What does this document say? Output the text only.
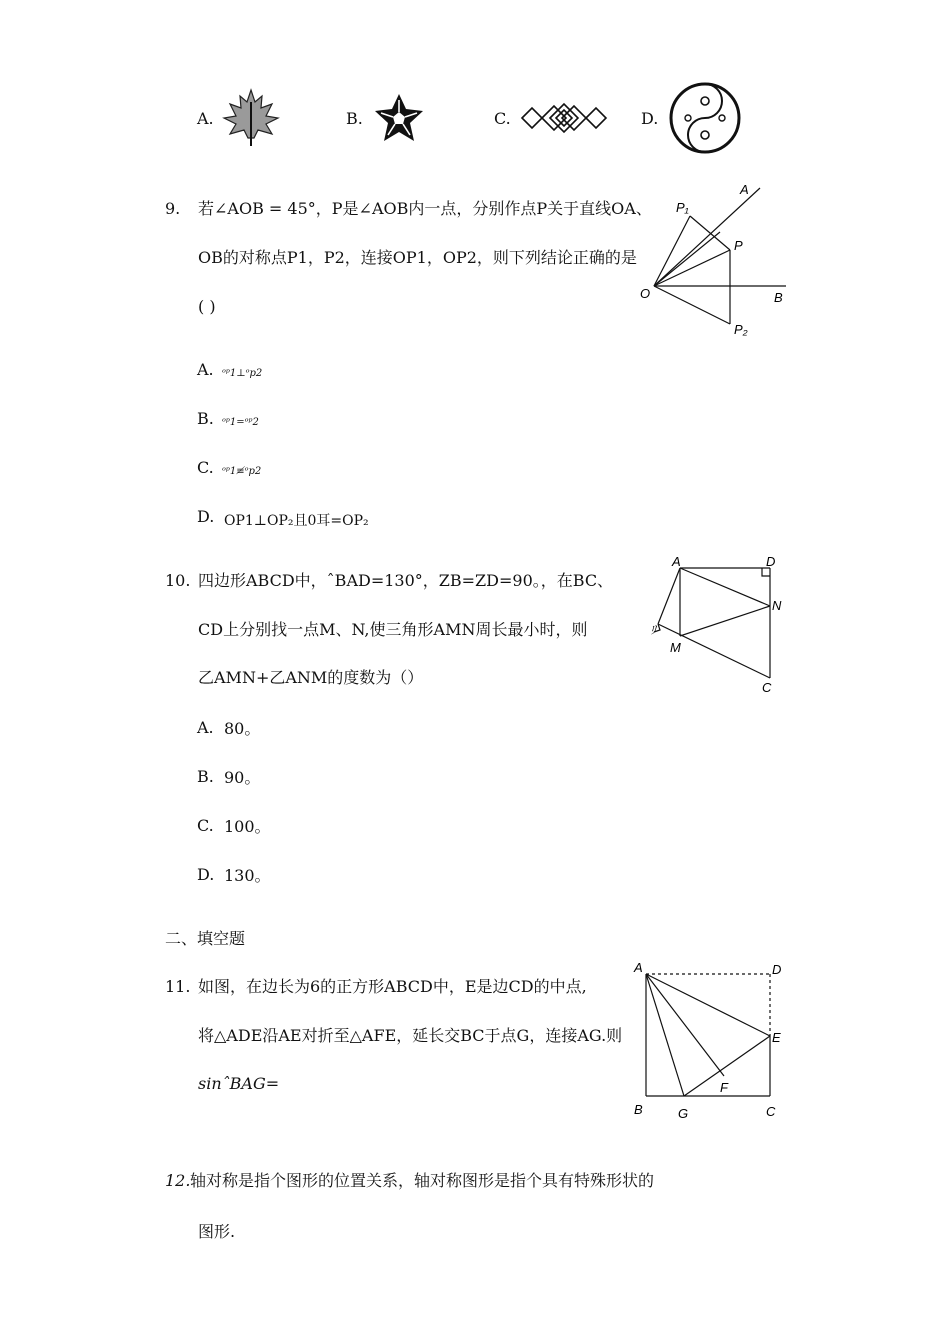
A.	B.	C.	D.
9. 若∠AOB = 45°，P是∠AOB内一点，分别作点P关于直线OA、
OB的对称点P1，P2，连接OP1，OP2，则下列结论正确的是
( )
A. ᵒᵖ1⊥ᵒp2
B. ᵒᵖ1=ᵒᵖ2
C. ᵒᵖ1≢ᵒp2
D. OP1⊥OP₂且0耳=OP₂
A
P₁
P
O	B
P₂
10. 四边形ABCD中，ˆBAD=130°，ZB=ZD=90。，在BC、
CD上分别找一点M、N,使三角形AMN周长最小时，则
乙AMN+乙ANM的度数为（）
A. 80。
B. 90。
C. 100。
D. 130。
A	D
N
ﾘ
M
C
二、填空题
11. 如图，在边长为6的正方形ABCD中，E是边CD的中点,
将△ADE沿AE对折至△AFE，延长交BC于点G，连接AG.则
sinˆBAG=
A	D
E
F
B	G	C
12. 轴对称是指个图形的位置关系，轴对称图形是指个具有特殊形状的
图形.
